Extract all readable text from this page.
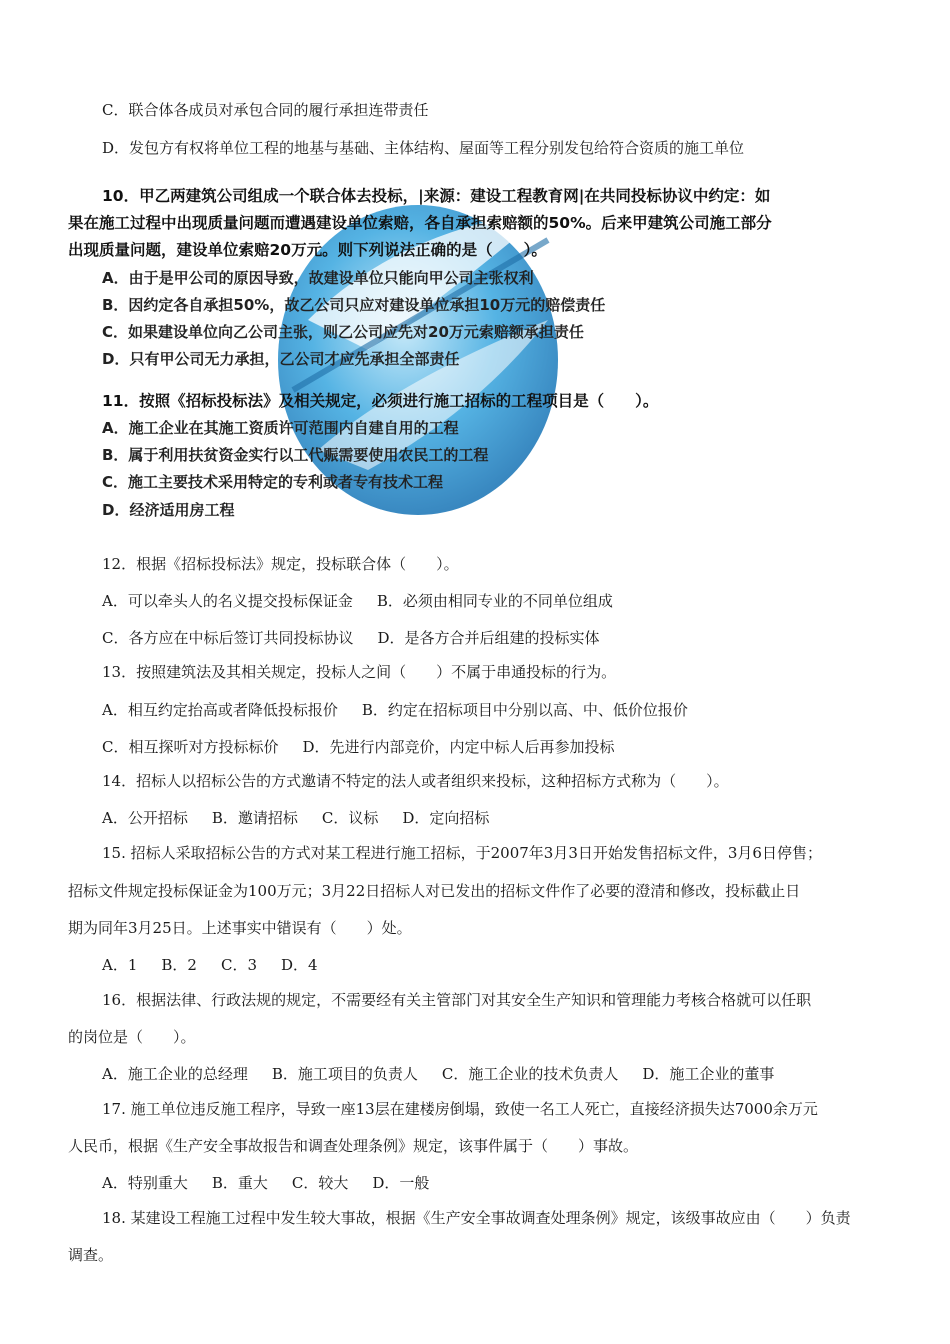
C．联合体各成员对承包合同的履行承担连带责任
D．发包方有权将单位工程的地基与基础、主体结构、屋面等工程分别发包给符合资质的施工单位
10．甲乙两建筑公司组成一个联合体去投标，|来源：建设工程教育网|在共同投标协议中约定：如
果在施工过程中出现质量问题而遭遇建设单位索赔，各自承担索赔额的50%。后来甲建筑公司施工部分
出现质量问题，建设单位索赔20万元。则下列说法正确的是（　　）。
A．由于是甲公司的原因导致，故建设单位只能向甲公司主张权利
B．因约定各自承担50%，故乙公司只应对建设单位承担10万元的赔偿责任
C．如果建设单位向乙公司主张，则乙公司应先对20万元索赔额承担责任
D．只有甲公司无力承担，乙公司才应先承担全部责任
11．按照《招标投标法》及相关规定，必须进行施工招标的工程项目是（　　）。
A．施工企业在其施工资质许可范围内自建自用的工程
B．属于利用扶贫资金实行以工代赈需要使用农民工的工程
C．施工主要技术采用特定的专利或者专有技术工程
D．经济适用房工程
12．根据《招标投标法》规定，投标联合体（　　）。
A．可以牵头人的名义提交投标保证金 B．必须由相同专业的不同单位组成
C．各方应在中标后签订共同投标协议 D．是各方合并后组建的投标实体
13．按照建筑法及其相关规定，投标人之间（　　）不属于串通投标的行为。
A．相互约定抬高或者降低投标报价 B．约定在招标项目中分别以高、中、低价位报价
C．相互探听对方投标标价 D．先进行内部竞价，内定中标人后再参加投标
14．招标人以招标公告的方式邀请不特定的法人或者组织来投标，这种招标方式称为（　　）。
A．公开招标 B．邀请招标 C．议标 D．定向招标
15. 招标人采取招标公告的方式对某工程进行施工招标，于2007年3月3日开始发售招标文件，3月6日停售；
招标文件规定投标保证金为100万元；3月22日招标人对已发出的招标文件作了必要的澄清和修改，投标截止日
期为同年3月25日。上述事实中错误有（　　）处。
A．1 B．2 C．3 D．4
16．根据法律、行政法规的规定，不需要经有关主管部门对其安全生产知识和管理能力考核合格就可以任职
的岗位是（　　）。
A．施工企业的总经理 B．施工项目的负责人 C．施工企业的技术负责人 D．施工企业的董事
17. 施工单位违反施工程序，导致一座13层在建楼房倒塌，致使一名工人死亡，直接经济损失达7000余万元
人民币，根据《生产安全事故报告和调查处理条例》规定，该事件属于（　　）事故。
A．特别重大 B．重大 C．较大 D．一般
18. 某建设工程施工过程中发生较大事故，根据《生产安全事故调查处理条例》规定，该级事故应由（　　）负责
调查。
